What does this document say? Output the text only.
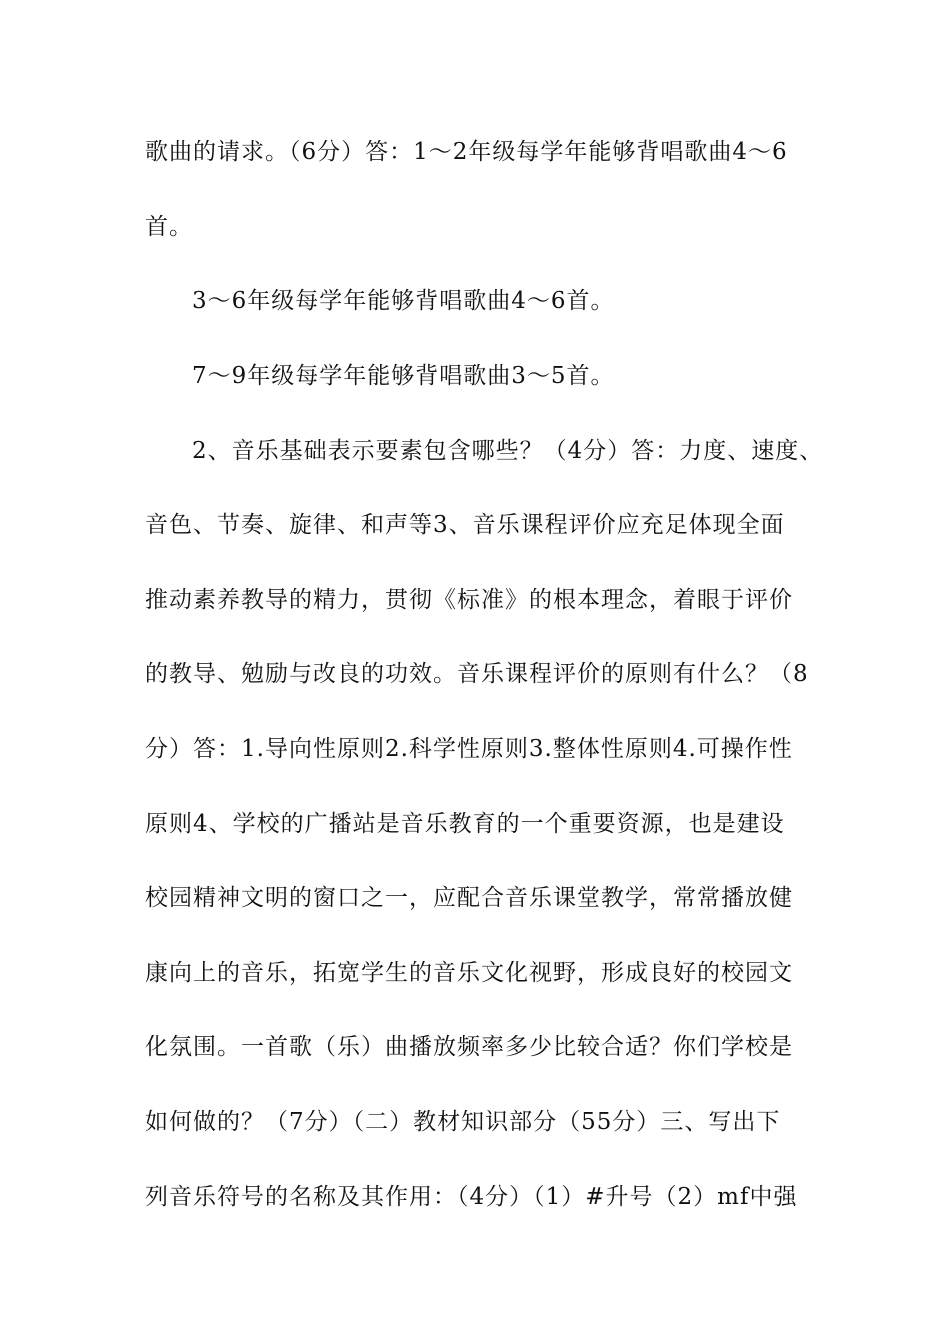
歌曲的请求。（6分）答：1～2年级每学年能够背唱歌曲4～6
首。
3～6年级每学年能够背唱歌曲4～6首。
7～9年级每学年能够背唱歌曲3～5首。
2、音乐基础表示要素包含哪些？（4分）答：力度、速度、
音色、节奏、旋律、和声等3、音乐课程评价应充足体现全面
推动素养教导的精力，贯彻《标准》的根本理念，着眼于评价
的教导、勉励与改良的功效。音乐课程评价的原则有什么？（8
分）答：1.导向性原则2.科学性原则3.整体性原则4.可操作性
原则4、学校的广播站是音乐教育的一个重要资源，也是建设
校园精神文明的窗口之一，应配合音乐课堂教学，常常播放健
康向上的音乐，拓宽学生的音乐文化视野，形成良好的校园文
化氛围。一首歌（乐）曲播放频率多少比较合适？你们学校是
如何做的？（7分）（二）教材知识部分（55分）三、写出下
列音乐符号的名称及其作用：（4分）（1）#升号（2）mf中强
